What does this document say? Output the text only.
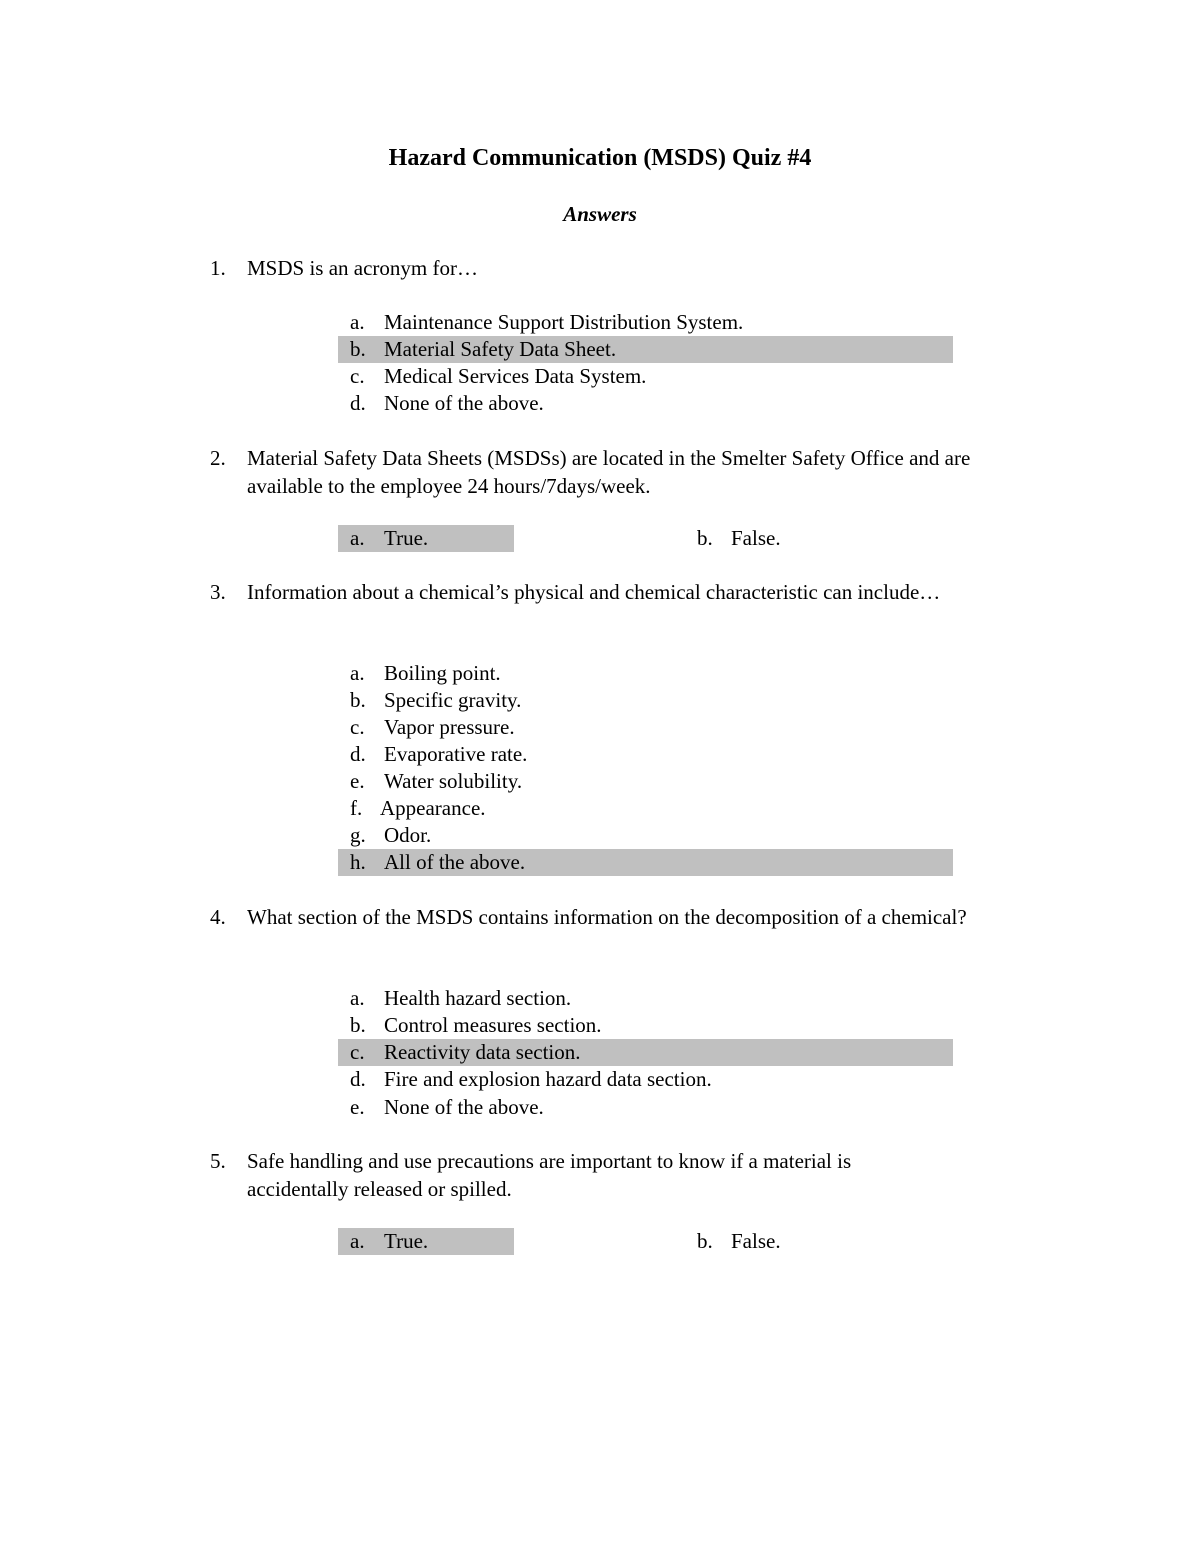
Hazard Communication (MSDS) Quiz #4
Answers
1. MSDS is an acronym for…
a. Maintenance Support Distribution System.
b. Material Safety Data Sheet.
c. Medical Services Data System.
d. None of the above.
2. Material Safety Data Sheets (MSDSs) are located in the Smelter Safety Office and are available to the employee 24 hours/7days/week.
a. True.	b. False.
3. Information about a chemical’s physical and chemical characteristic can include…
a. Boiling point.
b. Specific gravity.
c. Vapor pressure.
d. Evaporative rate.
e. Water solubility.
f. Appearance.
g. Odor.
h. All of the above.
4. What section of the MSDS contains information on the decomposition of a chemical?
a. Health hazard section.
b. Control measures section.
c. Reactivity data section.
d. Fire and explosion hazard data section.
e. None of the above.
5. Safe handling and use precautions are important to know if a material is accidentally released or spilled.
a. True.	b. False.
